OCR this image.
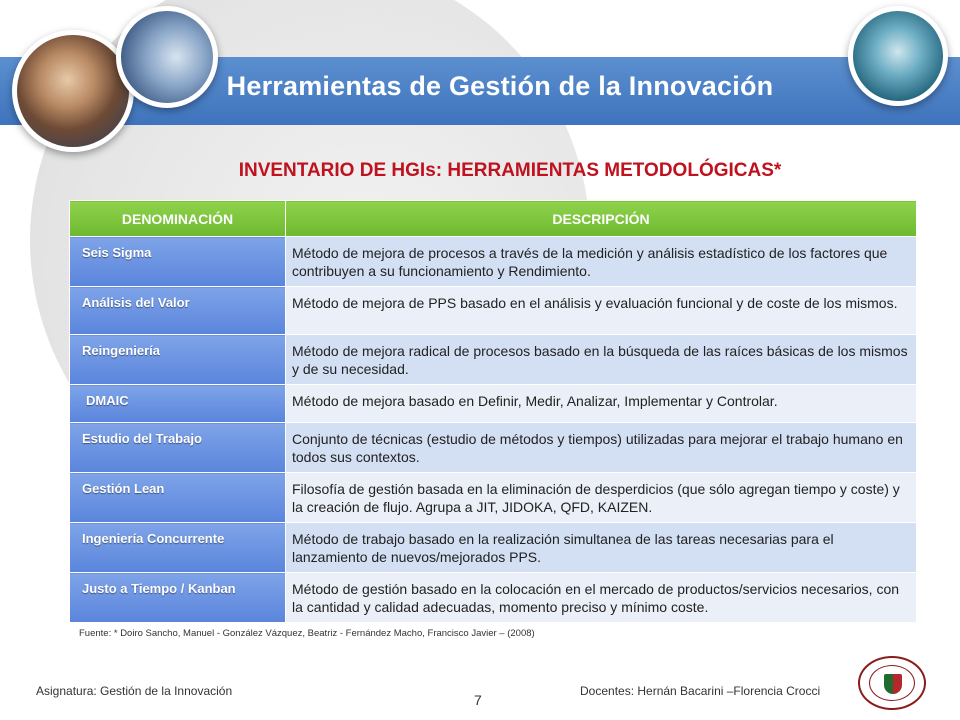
Herramientas de Gestión de la Innovación
INVENTARIO DE HGIs: HERRAMIENTAS METODOLÓGICAS*
DENOMINACIÓN	DESCRIPCIÓN
Seis Sigma	Método de mejora de procesos a través de la medición y análisis estadístico de los factores que contribuyen a su funcionamiento y Rendimiento.
Análisis del Valor	Método de mejora de PPS basado en el análisis y evaluación funcional y de coste de los mismos.
Reingeniería	Método de mejora radical de procesos basado en la búsqueda de las raíces básicas de los mismos y de su necesidad.
DMAIC	Método de mejora basado en Definir, Medir, Analizar, Implementar y Controlar.
Estudio del Trabajo	Conjunto de técnicas (estudio de métodos y tiempos) utilizadas para mejorar el trabajo humano en todos sus contextos.
Gestión Lean	Filosofía de gestión basada en la eliminación de desperdicios (que sólo agregan tiempo y coste) y la creación de flujo. Agrupa a JIT, JIDOKA, QFD, KAIZEN.
Ingeniería Concurrente	Método de trabajo basado en la realización simultanea de las tareas necesarias para el lanzamiento de nuevos/mejorados PPS.
Justo a Tiempo / Kanban	Método de gestión basado en la colocación en el mercado de productos/servicios necesarios, con la cantidad y calidad adecuadas, momento preciso y mínimo coste.
Fuente: * Doiro Sancho, Manuel - González Vázquez, Beatriz - Fernández Macho, Francisco Javier – (2008)
Asignatura: Gestión de la Innovación	Docentes: Hernán Bacarini –Florencia Crocci
7
